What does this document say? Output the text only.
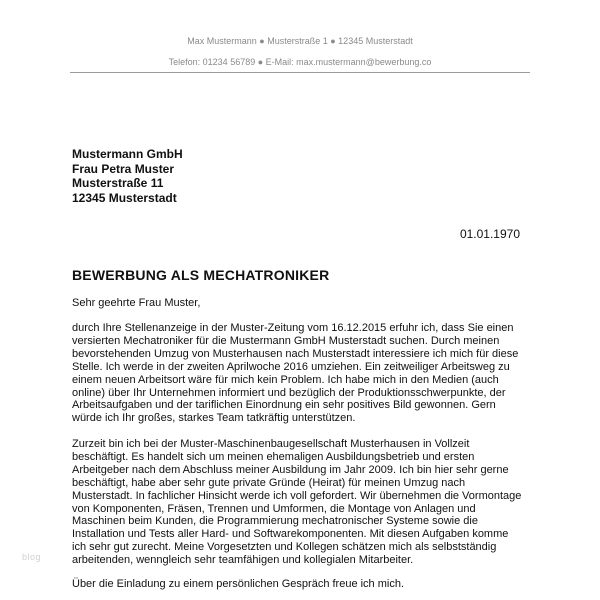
Max Mustermann ● Musterstraße 1 ● 12345 Musterstadt
Telefon: 01234 56789 ● E-Mail: max.mustermann@bewerbung.co
Mustermann GmbH
Frau Petra Muster
Musterstraße 11
12345 Musterstadt
01.01.1970
BEWERBUNG ALS MECHATRONIKER
Sehr geehrte Frau Muster,
durch Ihre Stellenanzeige in der Muster-Zeitung vom 16.12.2015 erfuhr ich, dass Sie einen
versierten Mechatroniker für die Mustermann GmbH Musterstadt suchen. Durch meinen
bevorstehenden Umzug von Musterhausen nach Musterstadt interessiere ich mich für diese
Stelle. Ich werde in der zweiten Aprilwoche 2016 umziehen. Ein zeitweiliger Arbeitsweg zu
einem neuen Arbeitsort wäre für mich kein Problem. Ich habe mich in den Medien (auch
online) über Ihr Unternehmen informiert und bezüglich der Produktionsschwerpunkte, der
Arbeitsaufgaben und der tariflichen Einordnung ein sehr positives Bild gewonnen. Gern
würde ich Ihr großes, starkes Team tatkräftig unterstützen.
Zurzeit bin ich bei der Muster-Maschinenbaugesellschaft Musterhausen in Vollzeit
beschäftigt. Es handelt sich um meinen ehemaligen Ausbildungsbetrieb und ersten
Arbeitgeber nach dem Abschluss meiner Ausbildung im Jahr 2009. Ich bin hier sehr gerne
beschäftigt, habe aber sehr gute private Gründe (Heirat) für meinen Umzug nach
Musterstadt. In fachlicher Hinsicht werde ich voll gefordert. Wir übernehmen die Vormontage
von Komponenten, Fräsen, Trennen und Umformen, die Montage von Anlagen und
Maschinen beim Kunden, die Programmierung mechatronischer Systeme sowie die
Installation und Tests aller Hard- und Softwarekomponenten. Mit diesen Aufgaben komme
ich sehr gut zurecht. Meine Vorgesetzten und Kollegen schätzen mich als selbstständig
arbeitenden, wenngleich sehr teamfähigen und kollegialen Mitarbeiter.
Über die Einladung zu einem persönlichen Gespräch freue ich mich.
blog
